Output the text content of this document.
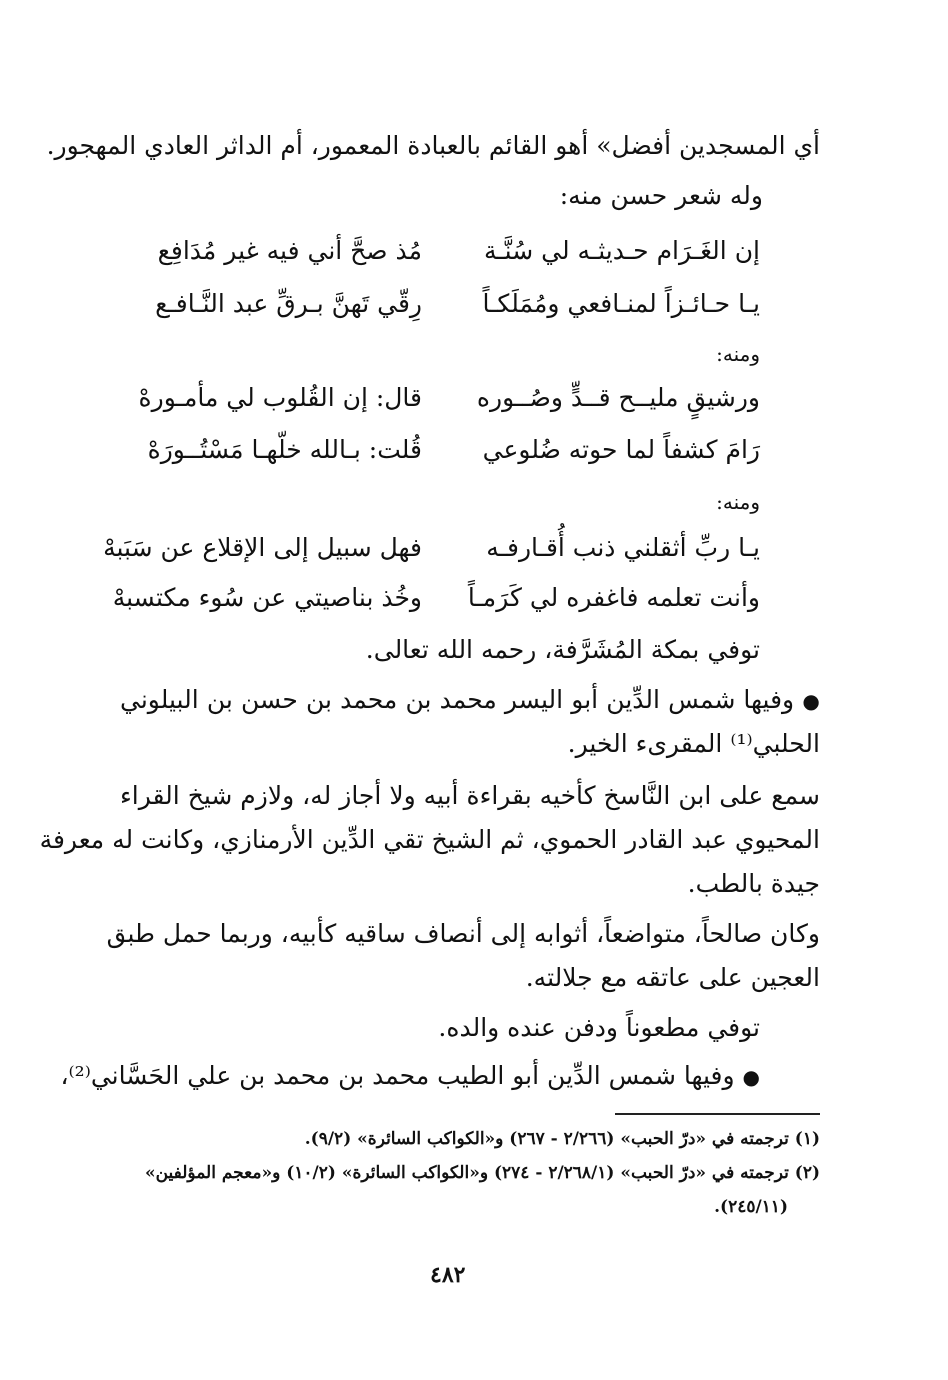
أي المسجدين أفضل» أهو القائم بالعبادة المعمور، أم الداثر العادي المهجور.
وله شعر حسن منه:
إن الغَـرَام حـديثـه لي سُنَّـة
مُذ صحَّ أني فيه غير مُدَافِع
يـا حـائـزاً لمنـافعي ومُمَلَكـاً
رِقّي تَهنَّ بـرقِّ عبد النَّـافـع
ومنه:
ورشيقٍ مليــح قــدٍّ وصُــوره
قال: إن القُلوب لي مأمـورهْ
رَامَ كشفاً لما حوته ضُلوعي
قُلت: بـالله خلّهـا مَسْتُــورَهْ
ومنه:
يـا ربِّ أثقلني ذنب أُقـارفـه
فهل سبيل إلى الإقلاع عن سَبَبهْ
وأنت تعلمه فاغفره لي كَرَمـاً
وخُذ بناصيتي عن سُوء مكتسبهْ
توفي بمكة المُشَرَّفة، رحمه الله تعالى.
● وفيها شمس الدِّين أبو اليسر محمد بن محمد بن حسن بن البيلوني
الحلبي⁽¹⁾ المقرىء الخير.
سمع على ابن النَّاسخ كأخيه بقراءة أبيه ولا أجاز له، ولازم شيخ القراء
المحيوي عبد القادر الحموي، ثم الشيخ تقي الدِّين الأرمنازي، وكانت له معرفة
جيدة بالطب.
وكان صالحاً، متواضعاً، أثوابه إلى أنصاف ساقيه كأبيه، وربما حمل طبق
العجين على عاتقه مع جلالته.
توفي مطعوناً ودفن عنده والده.
● وفيها شمس الدِّين أبو الطيب محمد بن محمد بن علي الحَسَّاني⁽²⁾،
(١) ترجمته في «درّ الحبب» (٢/٢٦٦ - ٢٦٧) و«الكواكب السائرة» (٩/٢).
(٢) ترجمته في «درّ الحبب» (٢/٢٦٨/١ - ٢٧٤) و«الكواكب السائرة» (١٠/٢) و«معجم المؤلفين»
(٢٤٥/١١).
٤٨٢
